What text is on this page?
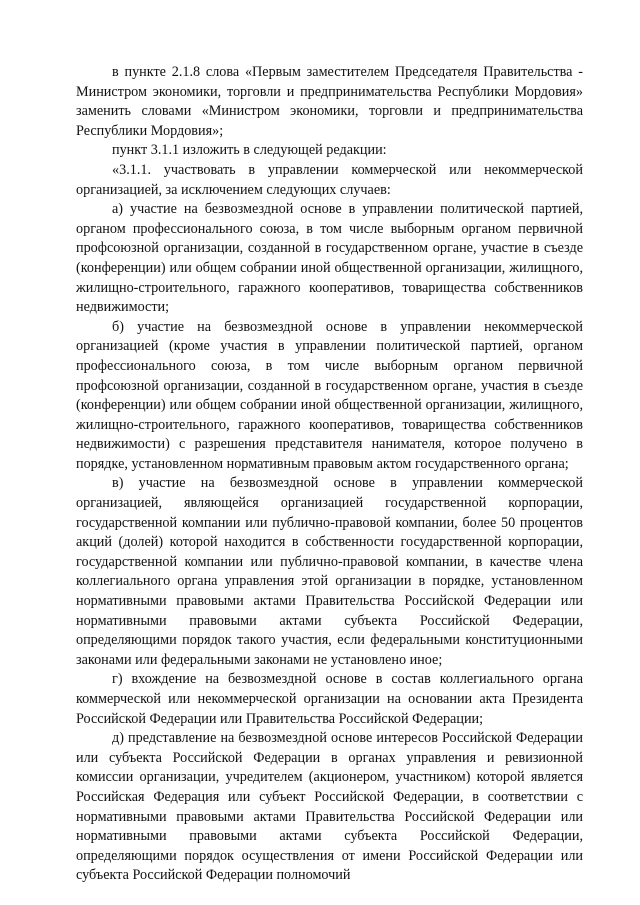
в пункте 2.1.8 слова «Первым заместителем Председателя Правительства - Министром экономики, торговли и предпринимательства Республики Мордовия» заменить словами «Министром экономики, торговли и предпринимательства Республики Мордовия»;

пункт 3.1.1 изложить в следующей редакции:

«3.1.1. участвовать в управлении коммерческой или некоммерческой организацией, за исключением следующих случаев:

а) участие на безвозмездной основе в управлении политической партией, органом профессионального союза, в том числе выборным органом первичной профсоюзной организации, созданной в государственном органе, участие в съезде (конференции) или общем собрании иной общественной организации, жилищного, жилищно-строительного, гаражного кооперативов, товарищества собственников недвижимости;

б) участие на безвозмездной основе в управлении некоммерческой организацией (кроме участия в управлении политической партией, органом профессионального союза, в том числе выборным органом первичной профсоюзной организации, созданной в государственном органе, участия в съезде (конференции) или общем собрании иной общественной организации, жилищного, жилищно-строительного, гаражного кооперативов, товарищества собственников недвижимости) с разрешения представителя нанимателя, которое получено в порядке, установленном нормативным правовым актом государственного органа;

в) участие на безвозмездной основе в управлении коммерческой организацией, являющейся организацией государственной корпорации, государственной компании или публично-правовой компании, более 50 процентов акций (долей) которой находится в собственности государственной корпорации, государственной компании или публично-правовой компании, в качестве члена коллегиального органа управления этой организации в порядке, установленном нормативными правовыми актами Правительства Российской Федерации или нормативными правовыми актами субъекта Российской Федерации, определяющими порядок такого участия, если федеральными конституционными законами или федеральными законами не установлено иное;

г) вхождение на безвозмездной основе в состав коллегиального органа коммерческой или некоммерческой организации на основании акта Президента Российской Федерации или Правительства Российской Федерации;

д) представление на безвозмездной основе интересов Российской Федерации или субъекта Российской Федерации в органах управления и ревизионной комиссии организации, учредителем (акционером, участником) которой является Российская Федерация или субъект Российской Федерации, в соответствии с нормативными правовыми актами Правительства Российской Федерации или нормативными правовыми актами субъекта Российской Федерации, определяющими порядок осуществления от имени Российской Федерации или субъекта Российской Федерации полномочий
